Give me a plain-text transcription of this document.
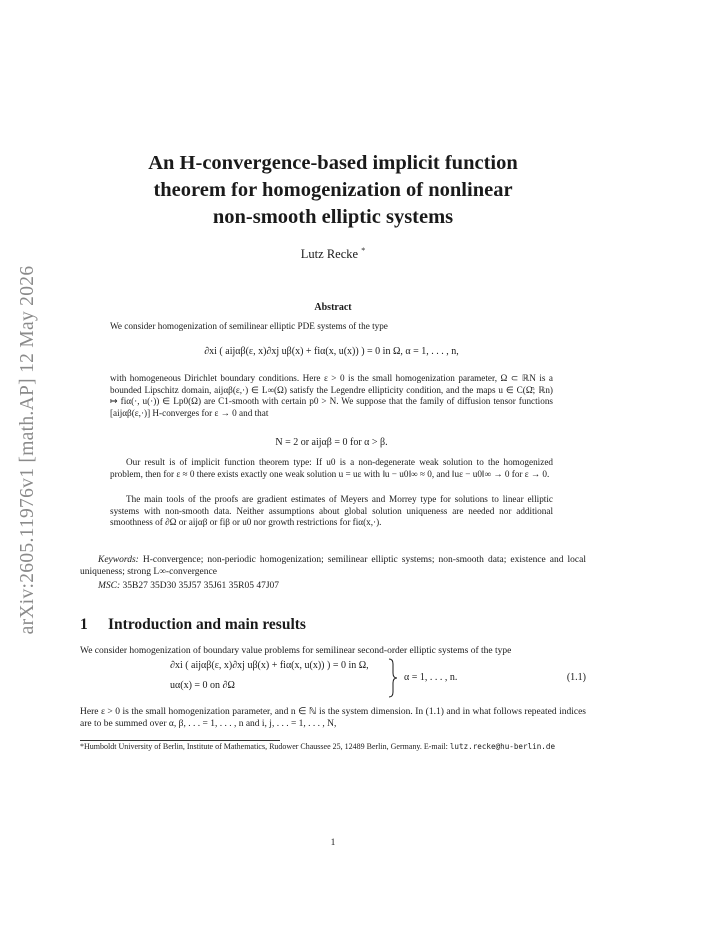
arXiv:2605.11976v1 [math.AP] 12 May 2026
An H-convergence-based implicit function
theorem for homogenization of nonlinear
non-smooth elliptic systems
Lutz Recke *
Abstract
We consider homogenization of semilinear elliptic PDE systems of the type
∂xi ( aijαβ(ε, x)∂xj uβ(x) + fiα(x, u(x)) ) = 0 in Ω, α = 1, . . . , n,
with homogeneous Dirichlet boundary conditions. Here ε > 0 is the small homogenization parameter, Ω ⊂ ℝN is a bounded Lipschitz domain, aijαβ(ε,·) ∈ L∞(Ω) satisfy the Legendre ellipticity condition, and the maps u ∈ C(Ω̄; ℝn) ↦ fiα(·, u(·)) ∈ Lp0(Ω) are C1-smooth with certain p0 > N. We suppose that the family of diffusion tensor functions [aijαβ(ε,·)] H-converges for ε → 0 and that
N = 2 or aijαβ = 0 for α > β.
Our result is of implicit function theorem type: If u0 is a non-degenerate weak solution to the homogenized problem, then for ε ≈ 0 there exists exactly one weak solution u = uε with ‖u − u0‖∞ ≈ 0, and ‖uε − u0‖∞ → 0 for ε → 0.
The main tools of the proofs are gradient estimates of Meyers and Morrey type for solutions to linear elliptic systems with non-smooth data. Neither assumptions about global solution uniqueness are needed nor additional smoothness of ∂Ω or aijαβ or fiβ or u0 nor growth restrictions for fiα(x,·).
Keywords: H-convergence; non-periodic homogenization; semilinear elliptic systems; non-smooth data; existence and local uniqueness; strong L∞-convergence
MSC: 35B27 35D30 35J57 35J61 35R05 47J07
1 Introduction and main results
We consider homogenization of boundary value problems for semilinear second-order elliptic systems of the type
∂xi ( aijαβ(ε, x)∂xj uβ(x) + fiα(x, u(x)) ) = 0 in Ω,
uα(x) = 0 on ∂Ω
α = 1, . . . , n.	(1.1)
Here ε > 0 is the small homogenization parameter, and n ∈ ℕ is the system dimension. In (1.1) and in what follows repeated indices are to be summed over α, β, . . . = 1, . . . , n and i, j, . . . = 1, . . . , N,
*Humboldt University of Berlin, Institute of Mathematics, Rudower Chaussee 25, 12489 Berlin, Germany. E-mail: lutz.recke@hu-berlin.de
1
